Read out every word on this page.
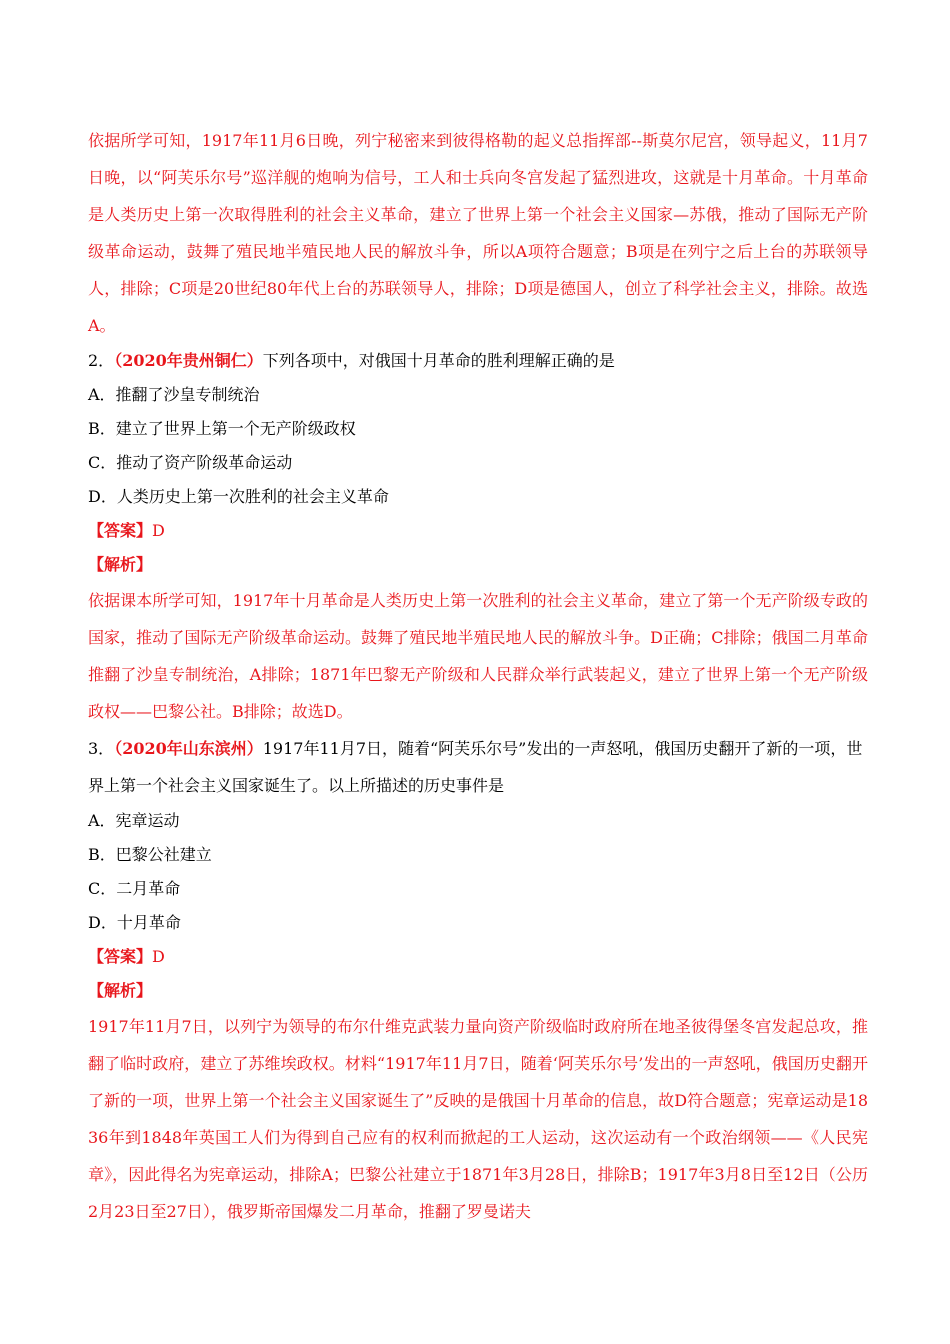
依据所学可知，1917年11月6日晚，列宁秘密来到彼得格勒的起义总指挥部--斯莫尔尼宫，领导起义，11月7日晚，以“阿芙乐尔号”巡洋舰的炮响为信号，工人和士兵向冬宫发起了猛烈进攻，这就是十月革命。十月革命是人类历史上第一次取得胜利的社会主义革命，建立了世界上第一个社会主义国家—苏俄，推动了国际无产阶级革命运动，鼓舞了殖民地半殖民地人民的解放斗争，所以A项符合题意；B项是在列宁之后上台的苏联领导人，排除；C项是20世纪80年代上台的苏联领导人，排除；D项是德国人，创立了科学社会主义，排除。故选A。
2．（2020年贵州铜仁）下列各项中，对俄国十月革命的胜利理解正确的是
A．推翻了沙皇专制统治
B．建立了世界上第一个无产阶级政权
C．推动了资产阶级革命运动
D．人类历史上第一次胜利的社会主义革命
【答案】D
【解析】
依据课本所学可知，1917年十月革命是人类历史上第一次胜利的社会主义革命，建立了第一个无产阶级专政的国家，推动了国际无产阶级革命运动。鼓舞了殖民地半殖民地人民的解放斗争。D正确；C排除；俄国二月革命推翻了沙皇专制统治，A排除；1871年巴黎无产阶级和人民群众举行武装起义，建立了世界上第一个无产阶级政权——巴黎公社。B排除；故选D。
3．（2020年山东滨州）1917年11月7日，随着“阿芙乐尔号”发出的一声怒吼，俄国历史翻开了新的一项，世界上第一个社会主义国家诞生了。以上所描述的历史事件是
A．宪章运动
B．巴黎公社建立
C．二月革命
D．十月革命
【答案】D
【解析】
1917年11月7日，以列宁为领导的布尔什维克武装力量向资产阶级临时政府所在地圣彼得堡冬宫发起总攻，推翻了临时政府，建立了苏维埃政权。材料“1917年11月7日，随着‘阿芙乐尔号’发出的一声怒吼，俄国历史翻开了新的一项，世界上第一个社会主义国家诞生了”反映的是俄国十月革命的信息，故D符合题意；宪章运动是1836年到1848年英国工人们为得到自己应有的权利而掀起的工人运动，这次运动有一个政治纲领——《人民宪章》，因此得名为宪章运动，排除A；巴黎公社建立于1871年3月28日，排除B；1917年3月8日至12日（公历2月23日至27日），俄罗斯帝国爆发二月革命，推翻了罗曼诺夫
